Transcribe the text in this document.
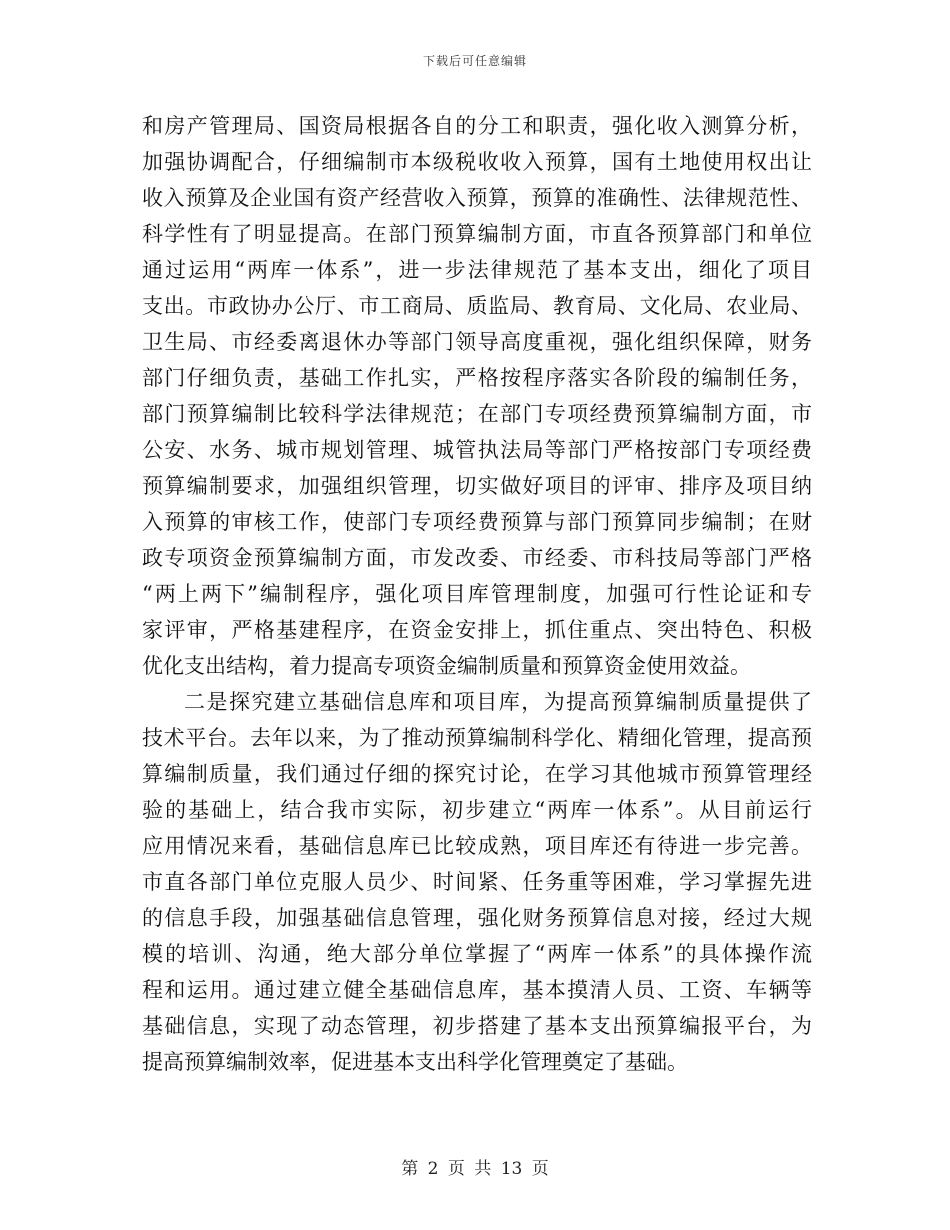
下载后可任意编辑
和房产管理局、国资局根据各自的分工和职责，强化收入测算分析，
加强协调配合，仔细编制市本级税收收入预算，国有土地使用权出让
收入预算及企业国有资产经营收入预算，预算的准确性、法律规范性、
科学性有了明显提高。在部门预算编制方面，市直各预算部门和单位
通过运用“两库一体系”，进一步法律规范了基本支出，细化了项目
支出。市政协办公厅、市工商局、质监局、教育局、文化局、农业局、
卫生局、市经委离退休办等部门领导高度重视，强化组织保障，财务
部门仔细负责，基础工作扎实，严格按程序落实各阶段的编制任务，
部门预算编制比较科学法律规范；在部门专项经费预算编制方面，市
公安、水务、城市规划管理、城管执法局等部门严格按部门专项经费
预算编制要求，加强组织管理，切实做好项目的评审、排序及项目纳
入预算的审核工作，使部门专项经费预算与部门预算同步编制；在财
政专项资金预算编制方面，市发改委、市经委、市科技局等部门严格
“两上两下”编制程序，强化项目库管理制度，加强可行性论证和专
家评审，严格基建程序，在资金安排上，抓住重点、突出特色、积极
优化支出结构，着力提高专项资金编制质量和预算资金使用效益。
二是探究建立基础信息库和项目库，为提高预算编制质量提供了
技术平台。去年以来，为了推动预算编制科学化、精细化管理，提高预
算编制质量，我们通过仔细的探究讨论，在学习其他城市预算管理经
验的基础上，结合我市实际，初步建立“两库一体系”。从目前运行
应用情况来看，基础信息库已比较成熟，项目库还有待进一步完善。
市直各部门单位克服人员少、时间紧、任务重等困难，学习掌握先进
的信息手段，加强基础信息管理，强化财务预算信息对接，经过大规
模的培训、沟通，绝大部分单位掌握了“两库一体系”的具体操作流
程和运用。通过建立健全基础信息库，基本摸清人员、工资、车辆等
基础信息，实现了动态管理，初步搭建了基本支出预算编报平台，为
提高预算编制效率，促进基本支出科学化管理奠定了基础。
第 2 页 共 13 页
